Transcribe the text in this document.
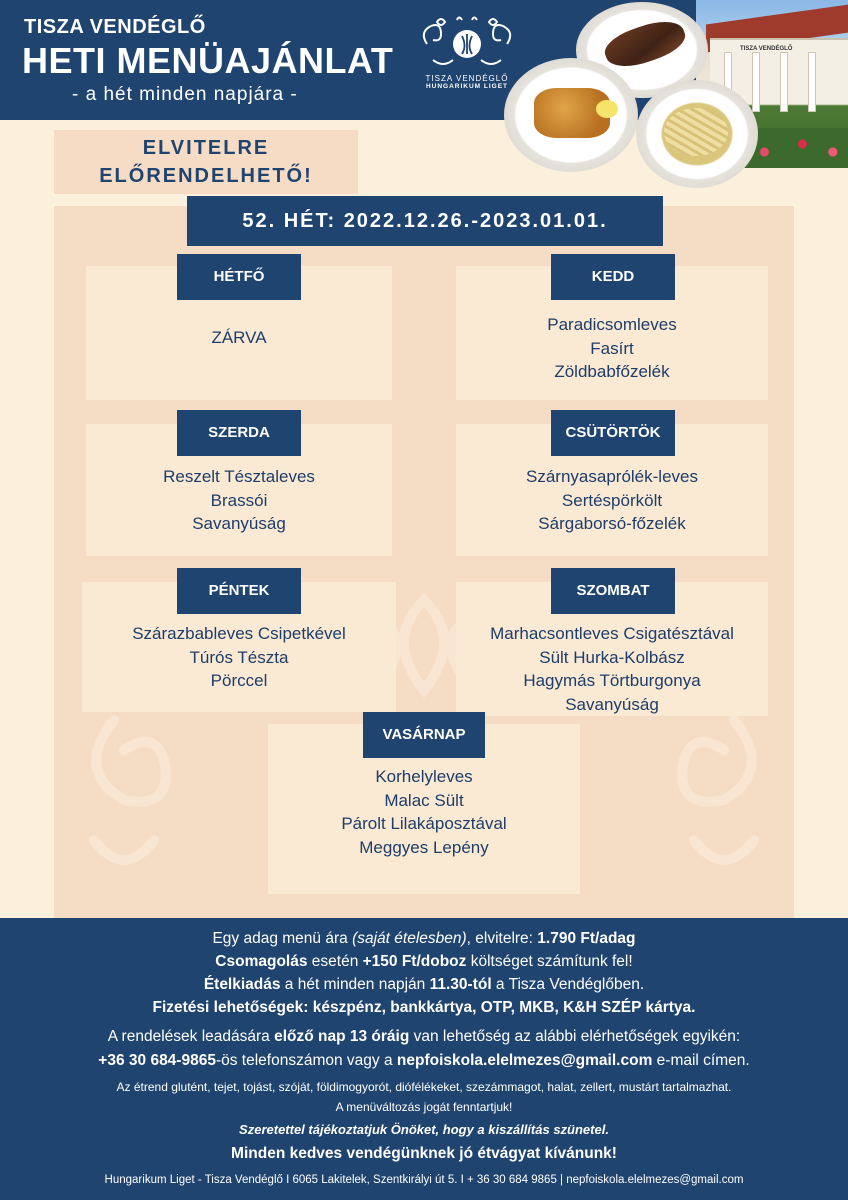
TISZA VENDÉGLŐ
HETI MENÜAJÁNLAT
- a hét minden napjára -
TISZA VENDÉGLŐ
HUNGARIKUM LIGET
TISZA VENDÉGLŐ
ELVITELRE
ELŐRENDELHETŐ!
52. HÉT: 2022.12.26.-2023.01.01.
HÉTFŐ
ZÁRVA
KEDD
Paradicsomleves
Fasírt
Zöldbabfőzelék
SZERDA
Reszelt Tésztaleves
Brassói
Savanyúság
CSÜTÖRTÖK
Szárnyasaprólék-leves
Sertéspörkölt
Sárgaborsó-főzelék
PÉNTEK
Szárazbableves Csipetkével
Túrós Tészta
Pörccel
SZOMBAT
Marhacsontleves Csigatésztával
Sült Hurka-Kolbász
Hagymás Törtburgonya
Savanyúság
VASÁRNAP
Korhelyleves
Malac Sült
Párolt Lilakáposztával
Meggyes Lepény
Egy adag menü ára (saját ételesben), elvitelre: 1.790 Ft/adag
Csomagolás esetén +150 Ft/doboz költséget számítunk fel!
Ételkiadás a hét minden napján 11.30-tól a Tisza Vendéglőben.
Fizetési lehetőségek: készpénz, bankkártya, OTP, MKB, K&H SZÉP kártya.
A rendelések leadására előző nap 13 óráig van lehetőség az alábbi elérhetőségek egyikén:
+36 30 684-9865-ös telefonszámon vagy a nepfoiskola.elelmezes@gmail.com e-mail címen.
Az étrend glutént, tejet, tojást, szóját, földimogyorót, diófélékeket, szezámmagot, halat, zellert, mustárt tartalmazhat.
A menüváltozás jogát fenntartjuk!
Szeretettel tájékoztatjuk Önöket, hogy a kiszállítás szünetel.
Minden kedves vendégünknek jó étvágyat kívánunk!
Hungarikum Liget - Tisza Vendéglő I 6065 Lakitelek, Szentkirályi út 5. I + 36 30 684 9865 | nepfoiskola.elelmezes@gmail.com
